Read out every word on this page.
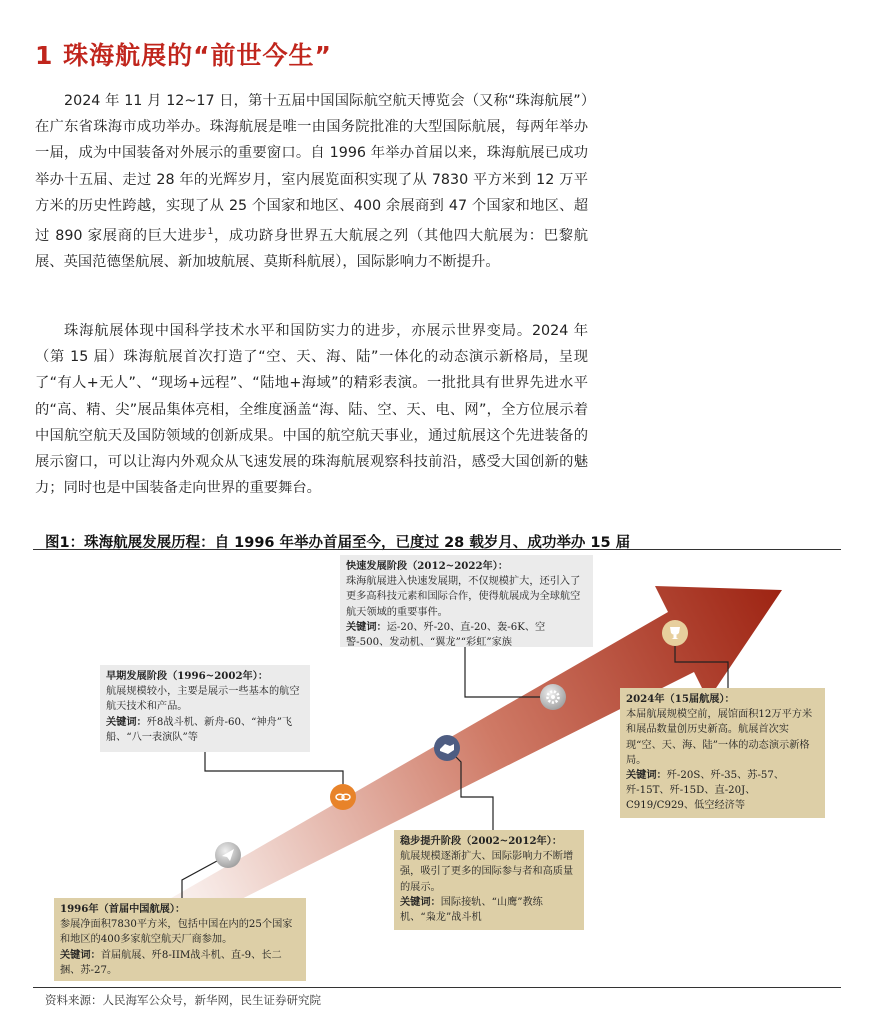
1 珠海航展的“前世今生”

2024 年 11 月 12~17 日，第十五届中国国际航空航天博览会（又称“珠海航展”）在广东省珠海市成功举办。珠海航展是唯一由国务院批准的大型国际航展，每两年举办一届，成为中国装备对外展示的重要窗口。自 1996 年举办首届以来，珠海航展已成功举办十五届、走过 28 年的光辉岁月，室内展览面积实现了从 7830 平方米到 12 万平方米的历史性跨越，实现了从 25 个国家和地区、400 余展商到 47 个国家和地区、超过 890 家展商的巨大进步$^1$，成功跻身世界五大航展之列（其他四大航展为：巴黎航展、英国范德堡航展、新加坡航展、莫斯科航展），国际影响力不断提升。

珠海航展体现中国科学技术水平和国防实力的进步，亦展示世界变局。2024 年（第 15 届）珠海航展首次打造了“空、天、海、陆”一体化的动态演示新格局，呈现了“有人+无人”、“现场+远程”、“陆地+海域”的精彩表演。一批批具有世界先进水平的“高、精、尖”展品集体亮相，全维度涵盖“海、陆、空、天、电、网”，全方位展示着中国航空航天及国防领域的创新成果。中国的航空航天事业，通过航展这个先进装备的展示窗口，可以让海内外观众从飞速发展的珠海航展观察科技前沿，感受大国创新的魅力；同时也是中国装备走向世界的重要舞台。

图1：珠海航展发展历程：自 1996 年举办首届至今，已度过 28 载岁月、成功举办 15 届

快速发展阶段（2012~2022年）：

珠海航展进入快速发展期，不仅规模扩大，还引入了更多高科技元素和国际合作，使得航展成为全球航空航天领域的重要事件。

关键词：运-20、歼-20、直-20、轰-6K、空警-500、发动机、“翼龙”“彩虹”家族

早期发展阶段（1996~2002年）：

航展规模较小，主要是展示一些基本的航空航天技术和产品。

关键词：歼8战斗机、新舟-60、“神舟”飞船、“八一表演队”等

2024年（15届航展）：

本届航展规模空前，展馆面积12万平方米和展品数量创历史新高。航展首次实现“空、天、海、陆”一体的动态演示新格局。

关键词：歼-20S、歼-35、苏-57、歼-15T、歼-15D、直-20J、C919/C929、低空经济等

稳步提升阶段（2002~2012年）：

航展规模逐渐扩大、国际影响力不断增强，吸引了更多的国际参与者和高质量的展示。

关键词：国际接轨、“山鹰”教练机、“枭龙”战斗机

1996年（首届中国航展）：

参展净面积7830平方米，包括中国在内的25个国家和地区的400多家航空航天厂商参加。

关键词：首届航展、歼8-IIM战斗机、直-9、长二捆、苏-27。

资料来源：人民海军公众号，新华网，民生证券研究院
